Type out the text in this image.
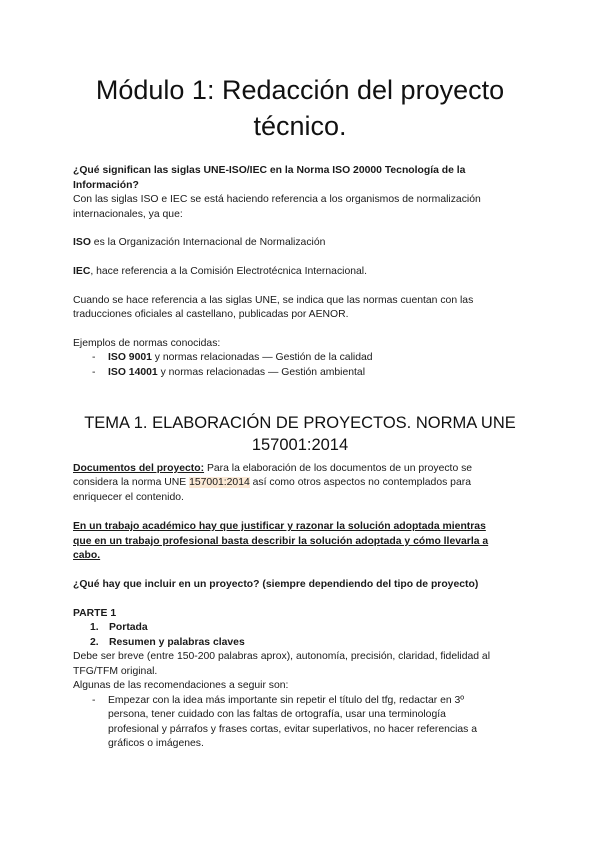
Módulo 1: Redacción del proyecto
técnico.
¿Qué significan las siglas UNE-ISO/IEC en la Norma ISO 20000 Tecnología de la
Información?
Con las siglas ISO e IEC se está haciendo referencia a los organismos de normalización
internacionales, ya que:
ISO es la Organización Internacional de Normalización
IEC, hace referencia a la Comisión Electrotécnica Internacional.
Cuando se hace referencia a las siglas UNE, se indica que las normas cuentan con las
traducciones oficiales al castellano, publicadas por AENOR.
Ejemplos de normas conocidas:
- ISO 9001 y normas relacionadas — Gestión de la calidad
- ISO 14001 y normas relacionadas — Gestión ambiental
TEMA 1. ELABORACIÓN DE PROYECTOS. NORMA UNE
157001:2014
Documentos del proyecto: Para la elaboración de los documentos de un proyecto se
considera la norma UNE 157001:2014 así como otros aspectos no contemplados para
enriquecer el contenido.
En un trabajo académico hay que justificar y razonar la solución adoptada mientras
que en un trabajo profesional basta describir la solución adoptada y cómo llevarla a
cabo.
¿Qué hay que incluir en un proyecto? (siempre dependiendo del tipo de proyecto)
PARTE 1
1. Portada
2. Resumen y palabras claves
Debe ser breve (entre 150-200 palabras aprox), autonomía, precisión, claridad, fidelidad al
TFG/TFM original.
Algunas de las recomendaciones a seguir son:
- Empezar con la idea más importante sin repetir el título del tfg, redactar en 3º
persona, tener cuidado con las faltas de ortografía, usar una terminología
profesional y párrafos y frases cortas, evitar superlativos, no hacer referencias a
gráficos o imágenes.
